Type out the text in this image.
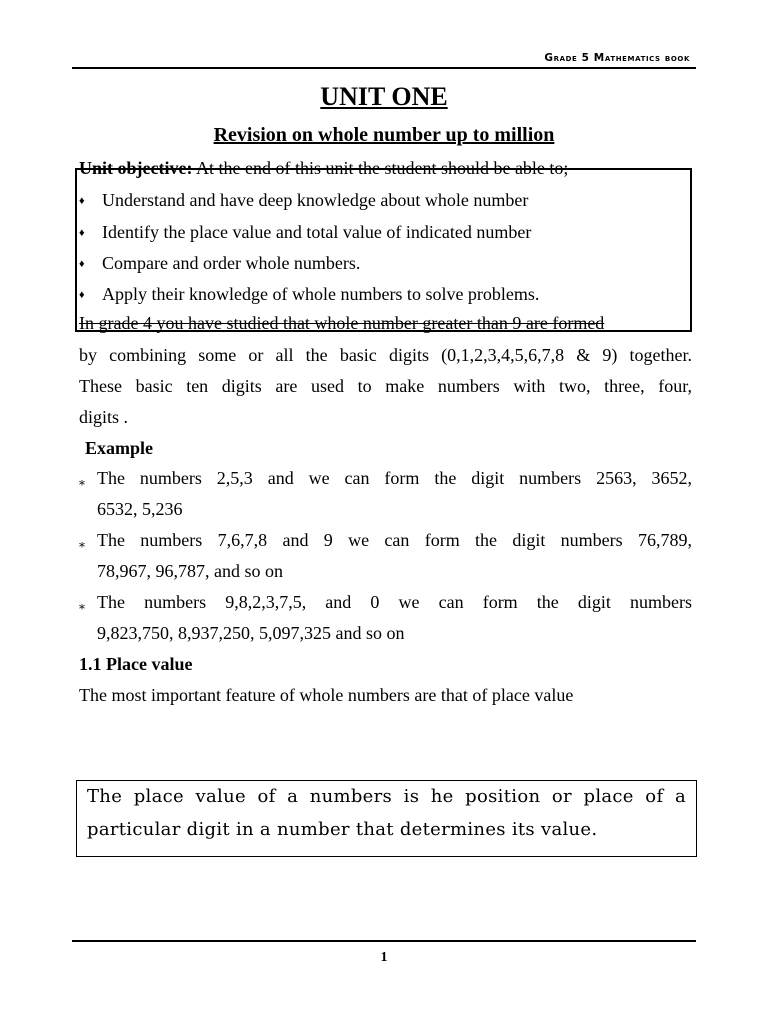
Grade 5 Mathematics book
UNIT ONE
Revision on whole number up to million
Unit objective: At the end of this unit the student should be able to;
♦ Understand and have deep knowledge about whole number
♦ Identify the place value and total value of indicated number
♦ Compare and order whole numbers.
♦ Apply their knowledge of whole numbers to solve problems.
In grade 4 you have studied that whole number greater than 9 are formed
by combining some or all the basic digits (0,1,2,3,4,5,6,7,8 & 9) together.
These basic ten digits are used to make numbers with two, three, four,
digits .
Example
⁎ The numbers 2,5,3 and we can form the digit numbers 2563, 3652,
6532, 5,236
⁎ The numbers 7,6,7,8 and 9 we can form the digit numbers 76,789,
78,967, 96,787, and so on
⁎ The numbers 9,8,2,3,7,5, and 0 we can form the digit numbers
9,823,750, 8,937,250, 5,097,325 and so on
1.1 Place value
The most important feature of whole numbers are that of place value
The place value of a numbers is he position or place of a
particular digit in a number that determines its value.
1
